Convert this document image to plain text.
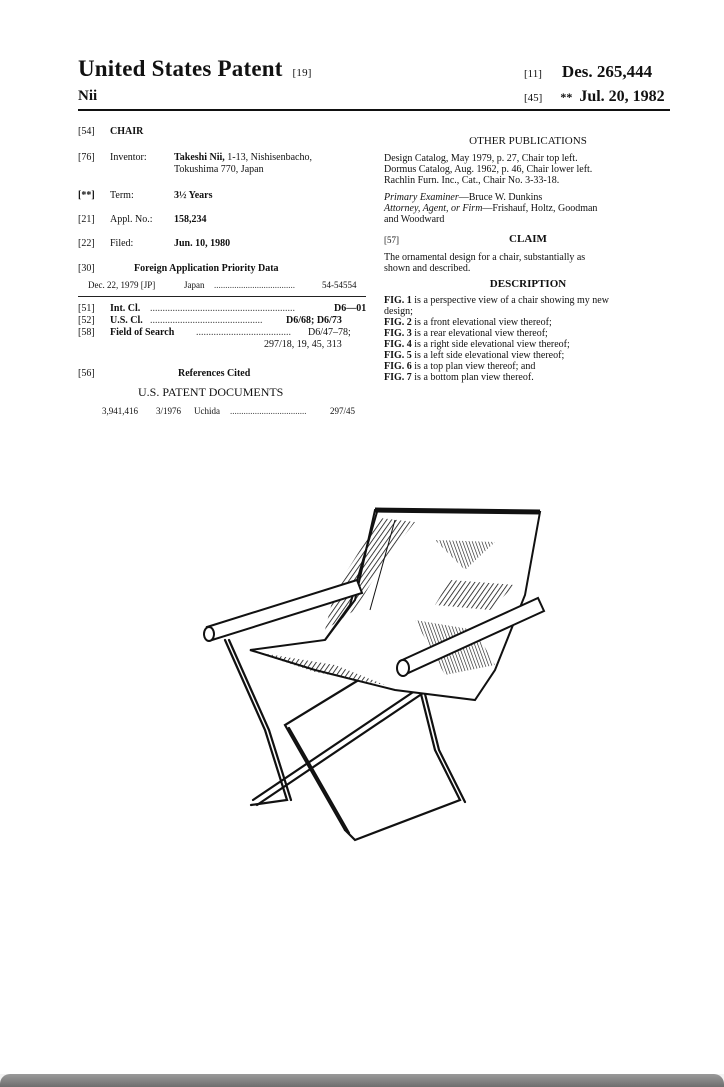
United States Patent [19]
Nii
[11] Des. 265,444
[45] ** Jul. 20, 1982
[54] CHAIR
[76] Inventor:	Takeshi Nii, 1-13, Nishisenbacho,
Tokushima 770, Japan
[**] Term:	3½ Years
[21] Appl. No.: 158,234
[22] Filed:	Jun. 10, 1980
[30]	Foreign Application Priority Data
Dec. 22, 1979 [JP]	Japan ....................................	54-54554
[51] Int. Cl. ..........................................................	D6—01
[52] U.S. Cl. ............................................. D6/68; D6/73
[58] Field of Search ...................................... D6/47–78;
297/18, 19, 45, 313
[56]	References Cited
U.S. PATENT DOCUMENTS
3,941,416 3/1976 Uchida ..................................	297/45
OTHER PUBLICATIONS
Design Catalog, May 1979, p. 27, Chair top left.
Dormus Catalog, Aug. 1962, p. 46, Chair lower left.
Rachlin Furn. Inc., Cat., Chair No. 3-33-18.
Primary Examiner—Bruce W. Dunkins
Attorney, Agent, or Firm—Frishauf, Holtz, Goodman
and Woodward
[57]	CLAIM
The ornamental design for a chair, substantially as
shown and described.
DESCRIPTION
FIG. 1 is a perspective view of a chair showing my new
design;
FIG. 2 is a front elevational view thereof;
FIG. 3 is a rear elevational view thereof;
FIG. 4 is a right side elevational view thereof;
FIG. 5 is a left side elevational view thereof;
FIG. 6 is a top plan view thereof; and
FIG. 7 is a bottom plan view thereof.
